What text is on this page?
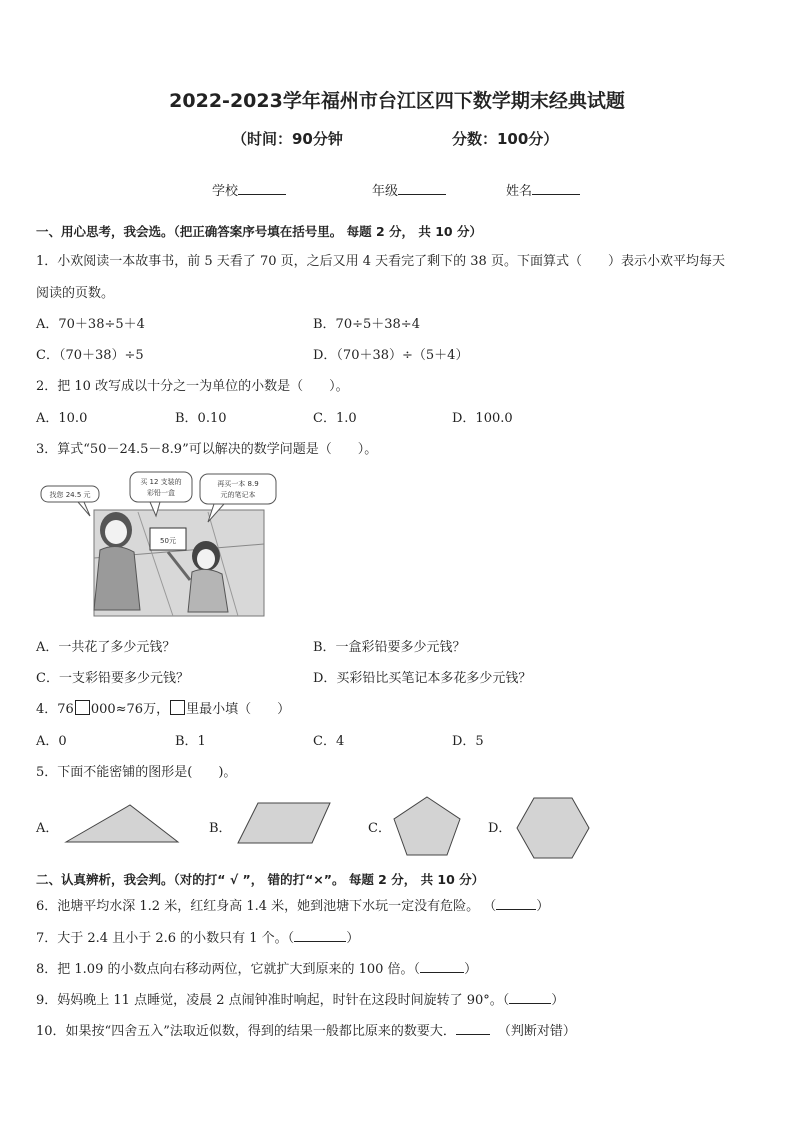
2022-2023学年福州市台江区四下数学期末经典试题
（时间：90分钟	分数：100分）
学校	年级	姓名
一、用心思考，我会选。（把正确答案序号填在括号里。 每题 2 分， 共 10 分）
1．小欢阅读一本故事书，前 5 天看了 70 页，之后又用 4 天看完了剩下的 38 页。下面算式（　　）表示小欢平均每天
阅读的页数。
A．70＋38÷5＋4	B．70÷5＋38÷4
C．（70＋38）÷5	D．（70＋38）÷（5＋4）
2．把 10 改写成以十分之一为单位的小数是（　　）。
A．10.0	B．0.10	C．1.0	D．100.0
3．算式“50－24.5－8.9”可以解决的数学问题是（　　）。
50元
找您 24.5 元
买 12 支装的
彩铅一盒
再买一本 8.9
元的笔记本
A．一共花了多少元钱？	B．一盒彩铅要多少元钱？
C．一支彩铅要多少元钱？	D．买彩铅比买笔记本多花多少元钱？
4．76 000≈76万， 里最小填（　　）
A．0	B．1	C．4	D．5
5．下面不能密铺的图形是(　　)。
A．	B．	C．	D．
二、认真辨析，我会判。（对的打“ √ ”， 错的打“×”。 每题 2 分， 共 10 分）
6．池塘平均水深 1.2 米，红红身高 1.4 米，她到池塘下水玩一定没有危险。 （	）
7．大于 2.4 且小于 2.6 的小数只有 1 个。（	）
8．把 1.09 的小数点向右移动两位，它就扩大到原来的 100 倍。（	）
9．妈妈晚上 11 点睡觉，凌晨 2 点闹钟准时响起，时针在这段时间旋转了 90°。（	）
10．如果按“四舍五入”法取近似数，得到的结果一般都比原来的数要大．	（判断对错）
